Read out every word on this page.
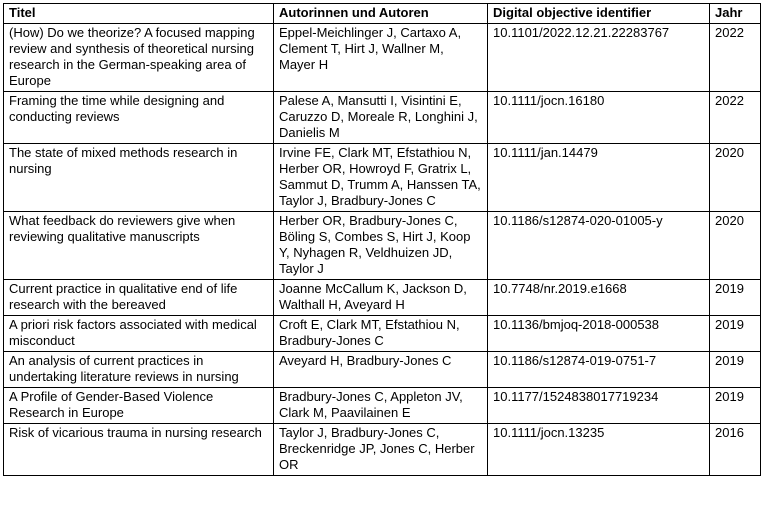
Titel	Autorinnen und Autoren	Digital objective identifier	Jahr
(How) Do we theorize? A focused mapping review and synthesis of theoretical nursing research in the German-speaking area of Europe	Eppel-Meichlinger J, Cartaxo A, Clement T, Hirt J, Wallner M, Mayer H	10.1101/2022.12.21.22283767	2022
Framing the time while designing and conducting reviews	Palese A, Mansutti I, Visintini E, Caruzzo D, Moreale R, Longhini J, Danielis M	10.1111/jocn.16180	2022
The state of mixed methods research in nursing	Irvine FE, Clark MT, Efstathiou N, Herber OR, Howroyd F, Gratrix L, Sammut D, Trumm A, Hanssen TA, Taylor J, Bradbury-Jones C	10.1111/jan.14479	2020
What feedback do reviewers give when reviewing qualitative manuscripts	Herber OR, Bradbury-Jones C, Böling S, Combes S, Hirt J, Koop Y, Nyhagen R, Veldhuizen JD, Taylor J	10.1186/s12874-020-01005-y	2020
Current practice in qualitative end of life research with the bereaved	Joanne McCallum K, Jackson D, Walthall H, Aveyard H	10.7748/nr.2019.e1668	2019
A priori risk factors associated with medical misconduct	Croft E, Clark MT, Efstathiou N, Bradbury-Jones C	10.1136/bmjoq-2018-000538	2019
An analysis of current practices in undertaking literature reviews in nursing	Aveyard H, Bradbury-Jones C	10.1186/s12874-019-0751-7	2019
A Profile of Gender-Based Violence Research in Europe	Bradbury-Jones C, Appleton JV, Clark M, Paavilainen E	10.1177/1524838017719234	2019
Risk of vicarious trauma in nursing research	Taylor J, Bradbury-Jones C, Breckenridge JP, Jones C, Herber OR	10.1111/jocn.13235	2016
